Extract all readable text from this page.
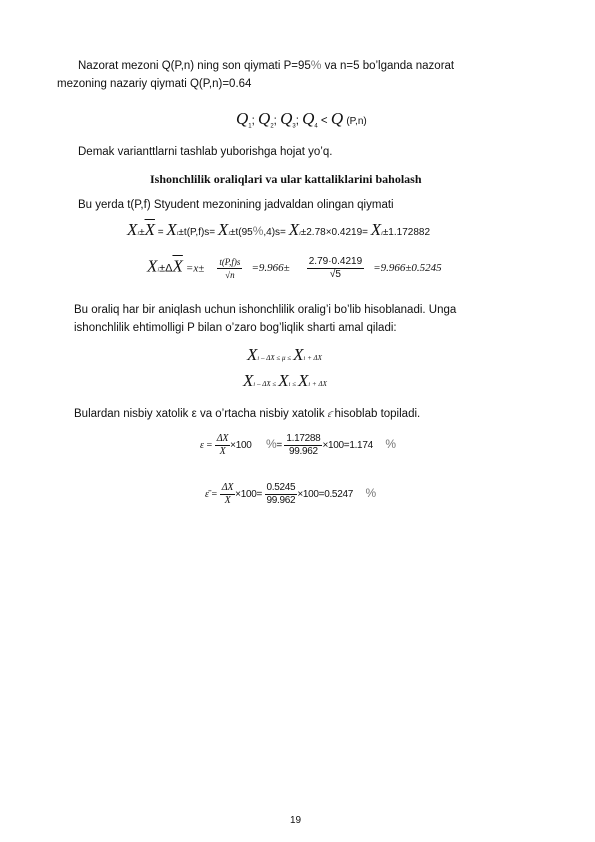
Nazorat mezoni Q(P,n) ning son qiymati P=95% va n=5 bo’lganda nazorat
mezoning nazariy qiymati Q(P,n)=0.64
$Q_1$; $Q_2$; $Q_3$; $Q_4 < Q$ (P,n)
Demak varianttlarni tashlab yuborishga hojat yo’q.
Ishonchlilik oraliqlari va ular kattaliklarini baholash
Bu yerda t(P,f) Styudent mezonining jadvaldan olingan qiymati
$Xi\pm\overline{X} = Xi\pm t(P,f)s= Xi\pm t(95\%,4)s= Xi\pm 2.78\times 0.4219= Xi\pm 1.172882$
$Xi\pm\Delta\overline{X} =x\pm \frac{t(P,f)s}{√n} =9.966\pm \frac{2.79\cdot 0.4219}{√5} =9.966\pm 0.5245$
Bu oraliq har bir aniqlash uchun ishonchlilik oralig’i bo’lib hisoblanadi. Unga
ishonchlilik ehtimolligi P bilan o’zaro bog’liqlik sharti amal qiladi:
Xi – ΔX ≤ μ ≤ Xi + ΔX
Xi – ΔX ≤ Xi ≤ Xi + ΔX
Bulardan nisbiy xatolik ε va o’rtacha nisbiy xatolik $^{\varepsilon̄}$ hisoblab topiladi.
$\varepsilon = \frac{\Delta X}{X} \times 100$ %= $\frac{1.17288}{99.962} \times 100=1.174$ %
ε̄ = $\frac{\Delta X}{X} \times 100= \frac{0.5245}{99.962} \times 100=0.5247$ %
19
